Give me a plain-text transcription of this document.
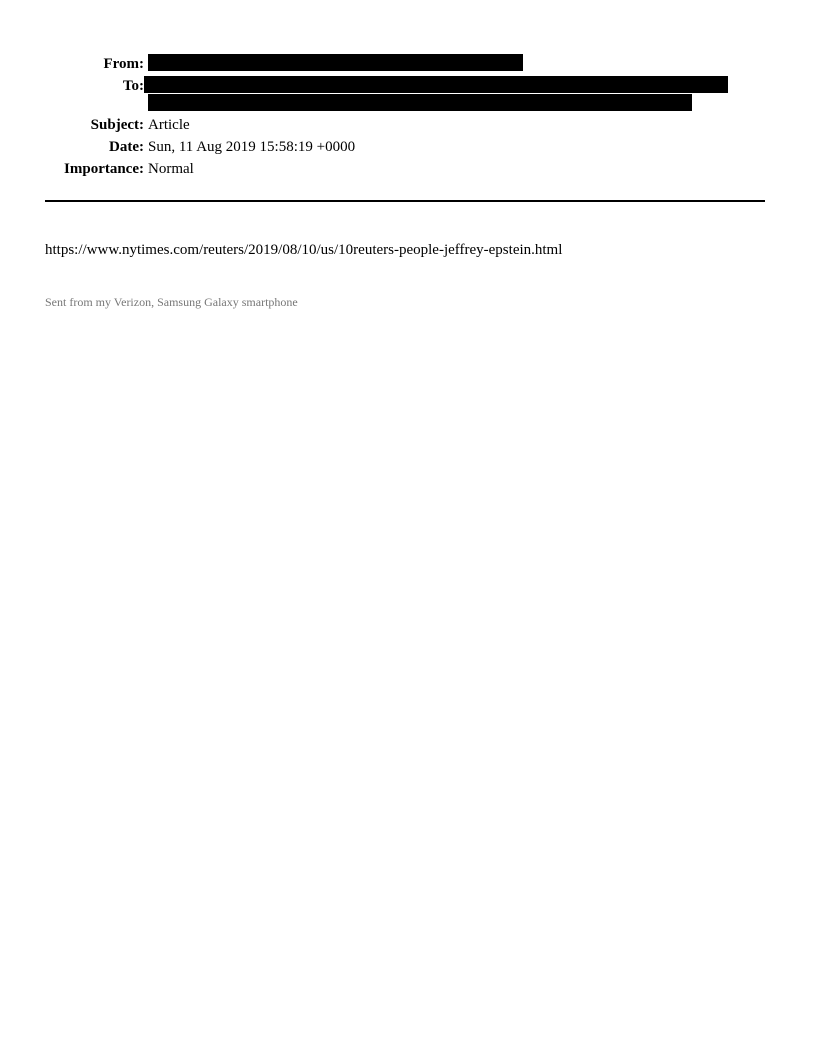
From:
To:
Subject: Article
Date: Sun, 11 Aug 2019 15:58:19 +0000
Importance: Normal
https://www.nytimes.com/reuters/2019/08/10/us/10reuters-people-jeffrey-epstein.html
Sent from my Verizon, Samsung Galaxy smartphone
